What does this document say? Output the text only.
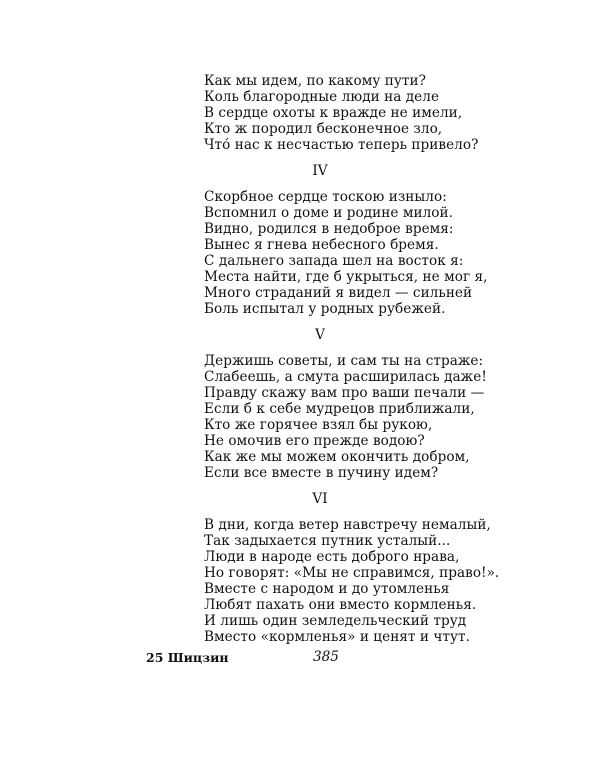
Как мы идем, по какому пути?
Коль благородные люди на деле
В сердце охоты к вражде не имели,
Кто ж породил бесконечное зло,
Что́ нас к несчастью теперь привело?
IV
Скорбное сердце тоскою изныло:
Вспомнил о доме и родине милой.
Видно, родился в недоброе время:
Вынес я гнева небесного бремя.
С дальнего запада шел на восток я:
Места найти, где б укрыться, не мог я,
Много страданий я видел — сильней
Боль испытал у родных рубежей.
V
Держишь советы, и сам ты на страже:
Слабеешь, а смута расширилась даже!
Правду скажу вам про ваши печали —
Если б к себе мудрецов приближали,
Кто же горячее взял бы рукою,
Не омочив его прежде водою?
Как же мы можем окончить добром,
Если все вместе в пучину идем?
VI
В дни, когда ветер навстречу немалый,
Так задыхается путник усталый...
Люди в народе есть доброго нрава,
Но говорят: «Мы не справимся, право!».
Вместе с народом и до утомленья
Любят пахать они вместо кормленья.
И лишь один земледельческий труд
Вместо «кормленья» и ценят и чтут.
25 Шицзин	385
